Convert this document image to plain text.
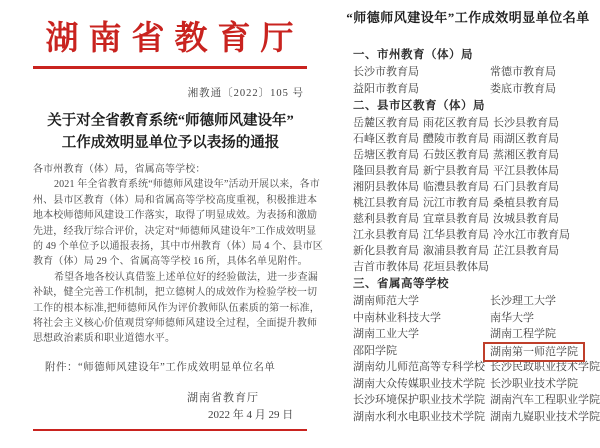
湖南省教育厅
湘教通〔2022〕105 号
关于对全省教育系统“师德师风建设年”
工作成效明显单位予以表扬的通报
各市州教育（体）局，省属高等学校：
2021 年全省教育系统“师德师风建设年”活动开展以来，各市
州、县市区教育（体）局和省属高等学校高度重视，积极推进本
地本校师德师风建设工作落实，取得了明显成效。为表扬和激励
先进，经我厅综合评价，决定对“师德师风建设年”工作成效明显
的 49 个单位予以通报表扬，其中市州教育（体）局 4 个、县市区
教育（体）局 29 个、省属高等学校 16 所，具体名单见附件。
希望各地各校认真借鉴上述单位好的经验做法，进一步查漏
补缺，健全完善工作机制，把立德树人的成效作为检验学校一切
工作的根本标准,把师德师风作为评价教师队伍素质的第一标准，
将社会主义核心价值观贯穿师德师风建设全过程，全面提升教师
思想政治素质和职业道德水平。
附件：“师德师风建设年”工作成效明显单位名单
湖南省教育厅
2022 年 4 月 29 日
“师德师风建设年”工作成效明显单位名单
一、市州教育（体）局
长沙市教育局	常德市教育局
益阳市教育局	娄底市教育局
二、县市区教育（体）局
岳麓区教育局 雨花区教育局 长沙县教育局
石峰区教育局 醴陵市教育局 雨湖区教育局
岳塘区教育局 石鼓区教育局 蒸湘区教育局
隆回县教育局 新宁县教育局 平江县教体局
湘阴县教体局 临澧县教育局 石门县教育局
桃江县教育局 沅江市教育局 桑植县教育局
慈利县教育局 宜章县教育局 汝城县教育局
江永县教育局 江华县教育局 冷水江市教育局
新化县教育局 溆浦县教育局 芷江县教育局
吉首市教体局 花垣县教体局
三、省属高等学校
湖南师范大学	长沙理工大学
中南林业科技大学	南华大学
湖南工业大学	湖南工程学院
邵阳学院	湖南第一师范学院
湖南幼儿师范高等专科学校 长沙民政职业技术学院
湖南大众传媒职业技术学院 长沙职业技术学院
长沙环境保护职业技术学院 湖南汽车工程职业学院
湖南水利水电职业技术学院 湖南九嶷职业技术学院
